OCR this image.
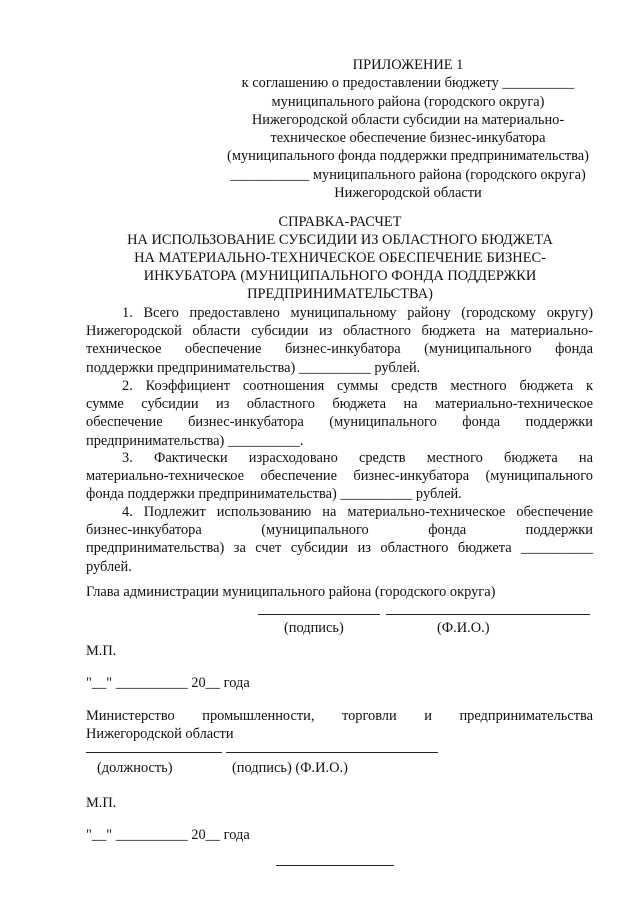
ПРИЛОЖЕНИЕ 1
к соглашению о предоставлении бюджету __________
муниципального района (городского округа)
Нижегородской области субсидии на материально-
техническое обеспечение бизнес-инкубатора
(муниципального фонда поддержки предпринимательства)
___________ муниципального района (городского округа)
Нижегородской области
СПРАВКА-РАСЧЕТ
НА ИСПОЛЬЗОВАНИЕ СУБСИДИИ ИЗ ОБЛАСТНОГО БЮДЖЕТА
НА МАТЕРИАЛЬНО-ТЕХНИЧЕСКОЕ ОБЕСПЕЧЕНИЕ БИЗНЕС-
ИНКУБАТОРА (МУНИЦИПАЛЬНОГО ФОНДА ПОДДЕРЖКИ
ПРЕДПРИНИМАТЕЛЬСТВА)
1. Всего предоставлено муниципальному району (городскому округу)
Нижегородской области субсидии из областного бюджета на материально-
техническое обеспечение бизнес-инкубатора (муниципального фонда
поддержки предпринимательства) __________ рублей.
2. Коэффициент соотношения суммы средств местного бюджета к
сумме субсидии из областного бюджета на материально-техническое
обеспечение бизнес-инкубатора (муниципального фонда поддержки
предпринимательства) __________.
3. Фактически израсходовано средств местного бюджета на
материально-техническое обеспечение бизнес-инкубатора (муниципального
фонда поддержки предпринимательства) __________ рублей.
4. Подлежит использованию на материально-техническое обеспечение
бизнес-инкубатора (муниципального фонда поддержки
предпринимательства) за счет субсидии из областного бюджета __________
рублей.
Глава администрации муниципального района (городского округа)
(подпись)	(Ф.И.О.)
М.П.
"__" __________ 20__ года
Министерство промышленности, торговли и предпринимательства
Нижегородской области
(должность)	(подпись) (Ф.И.О.)
М.П.
"__" __________ 20__ года
